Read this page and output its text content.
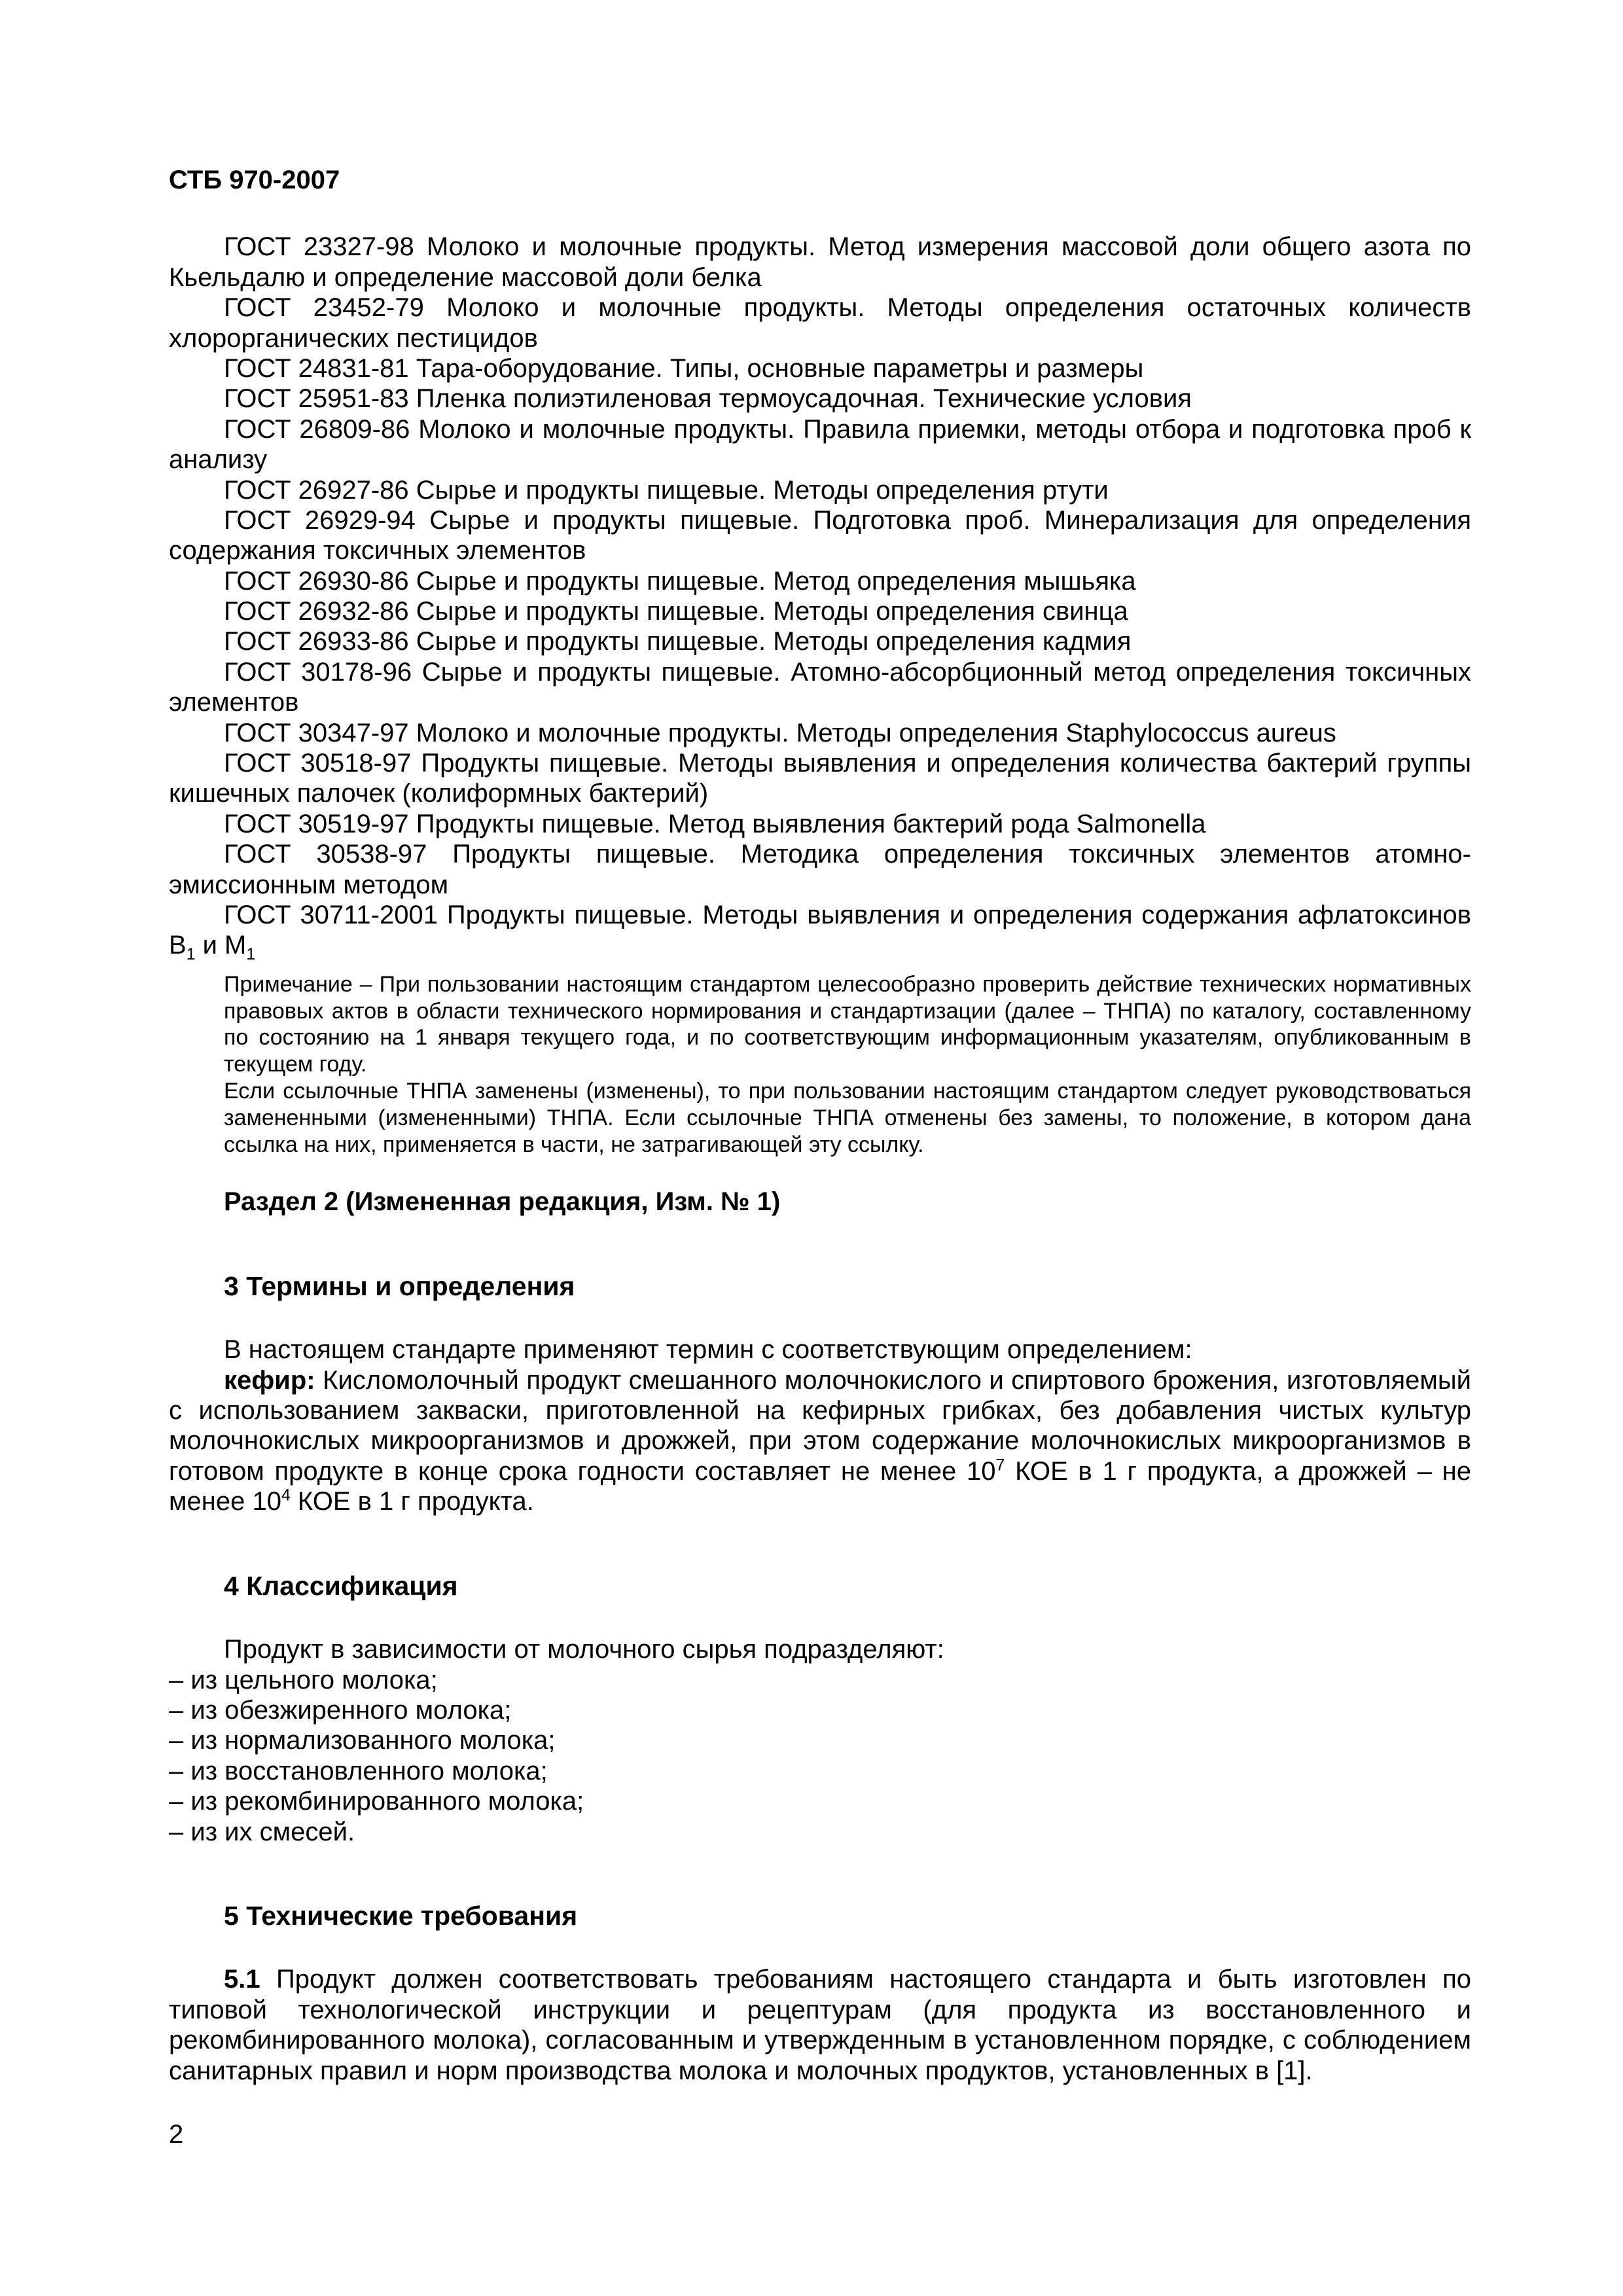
СТБ 970-2007

ГОСТ 23327-98 Молоко и молочные продукты. Метод измерения массовой доли общего азота по Кьельдалю и определение массовой доли белка

ГОСТ 23452-79 Молоко и молочные продукты. Методы определения остаточных количеств хлорорганических пестицидов

ГОСТ 24831-81 Тара-оборудование. Типы, основные параметры и размеры

ГОСТ 25951-83 Пленка полиэтиленовая термоусадочная. Технические условия

ГОСТ 26809-86 Молоко и молочные продукты. Правила приемки, методы отбора и подготовка проб к анализу

ГОСТ 26927-86 Сырье и продукты пищевые. Методы определения ртути

ГОСТ 26929-94 Сырье и продукты пищевые. Подготовка проб. Минерализация для определения содержания токсичных элементов

ГОСТ 26930-86 Сырье и продукты пищевые. Метод определения мышьяка

ГОСТ 26932-86 Сырье и продукты пищевые. Методы определения свинца

ГОСТ 26933-86 Сырье и продукты пищевые. Методы определения кадмия

ГОСТ 30178-96 Сырье и продукты пищевые. Атомно-абсорбционный метод определения токсичных элементов

ГОСТ 30347-97 Молоко и молочные продукты. Методы определения Staphylococcus aureus

ГОСТ 30518-97 Продукты пищевые. Методы выявления и определения количества бактерий группы кишечных палочек (колиформных бактерий)

ГОСТ 30519-97 Продукты пищевые. Метод выявления бактерий рода Salmonella

ГОСТ 30538-97 Продукты пищевые. Методика определения токсичных элементов атомно-эмиссионным методом

ГОСТ 30711-2001 Продукты пищевые. Методы выявления и определения содержания афлатоксинов $В_1$ и $М_1$

Примечание – При пользовании настоящим стандартом целесообразно проверить действие технических нормативных правовых актов в области технического нормирования и стандартизации (далее – ТНПА) по каталогу, составленному по состоянию на 1 января текущего года, и по соответствующим информационным указателям, опубликованным в текущем году.

Если ссылочные ТНПА заменены (изменены), то при пользовании настоящим стандартом следует руководствоваться замененными (измененными) ТНПА. Если ссылочные ТНПА отменены без замены, то положение, в котором дана ссылка на них, применяется в части, не затрагивающей эту ссылку.

Раздел 2 (Измененная редакция, Изм. № 1)

3 Термины и определения

В настоящем стандарте применяют термин с соответствующим определением:

кефир: Кисломолочный продукт смешанного молочнокислого и спиртового брожения, изготовляемый с использованием закваски, приготовленной на кефирных грибках, без добавления чистых культур молочнокислых микроорганизмов и дрожжей, при этом содержание молочнокислых микроорганизмов в готовом продукте в конце срока годности составляет не менее $10^7$ КОЕ в 1 г продукта, а дрожжей – не менее $10^4$ КОЕ в 1 г продукта.

4 Классификация

Продукт в зависимости от молочного сырья подразделяют:

– из цельного молока;

– из обезжиренного молока;

– из нормализованного молока;

– из восстановленного молока;

– из рекомбинированного молока;

– из их смесей.

5 Технические требования

5.1 Продукт должен соответствовать требованиям настоящего стандарта и быть изготовлен по типовой технологической инструкции и рецептурам (для продукта из восстановленного и рекомбинированного молока), согласованным и утвержденным в установленном порядке, с соблюдением санитарных правил и норм производства молока и молочных продуктов, установленных в [1].

2
